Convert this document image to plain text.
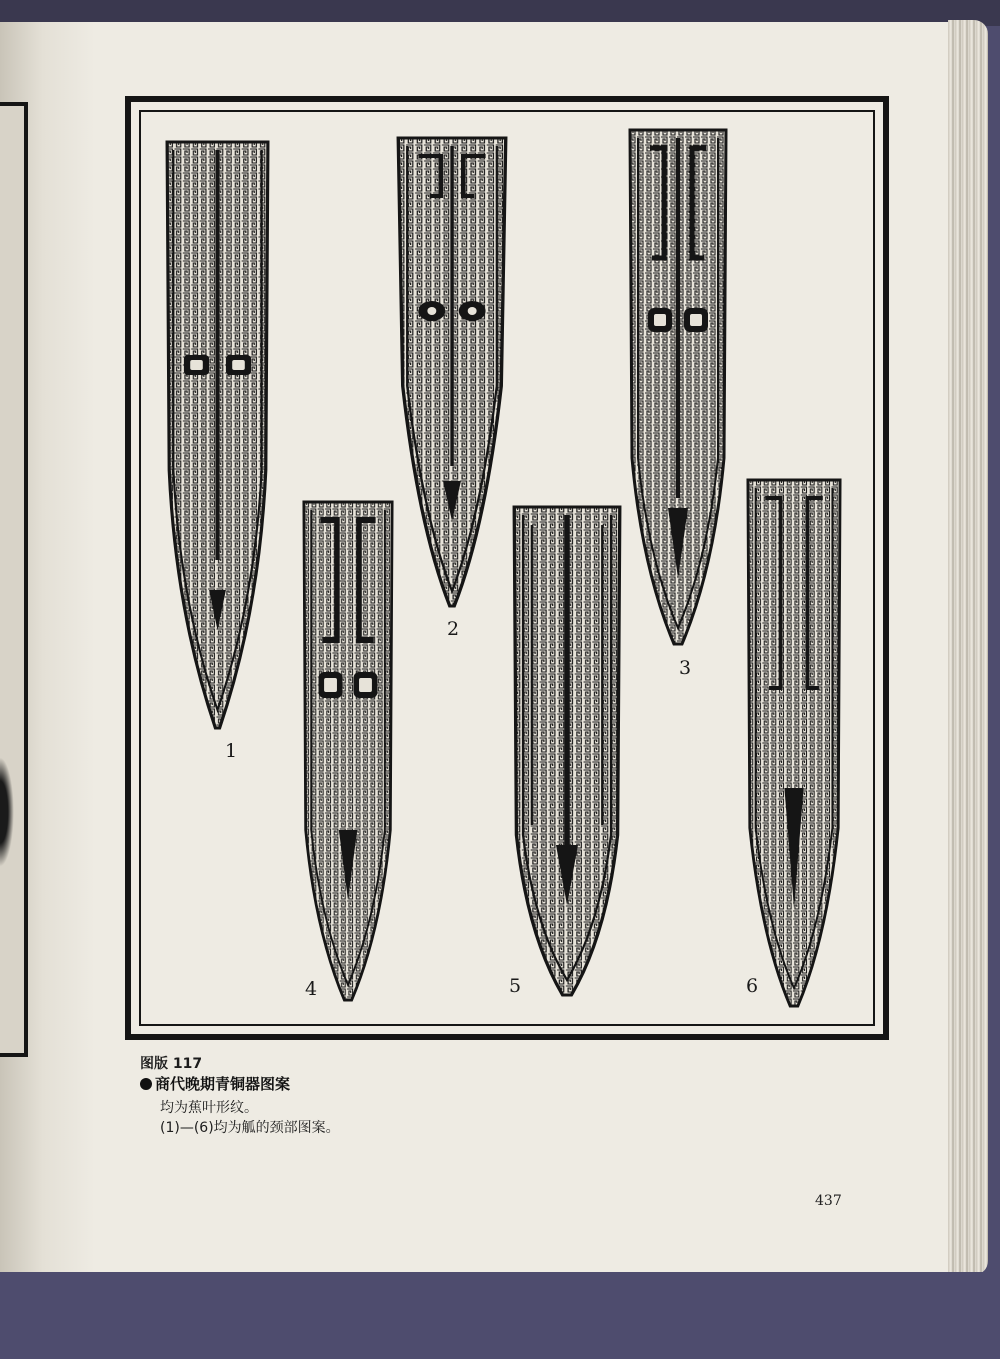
1
2
3
4	5	6
图版 117
商代晚期青铜器图案
均为蕉叶形纹。
(1)—(6)均为觚的颈部图案。
437
